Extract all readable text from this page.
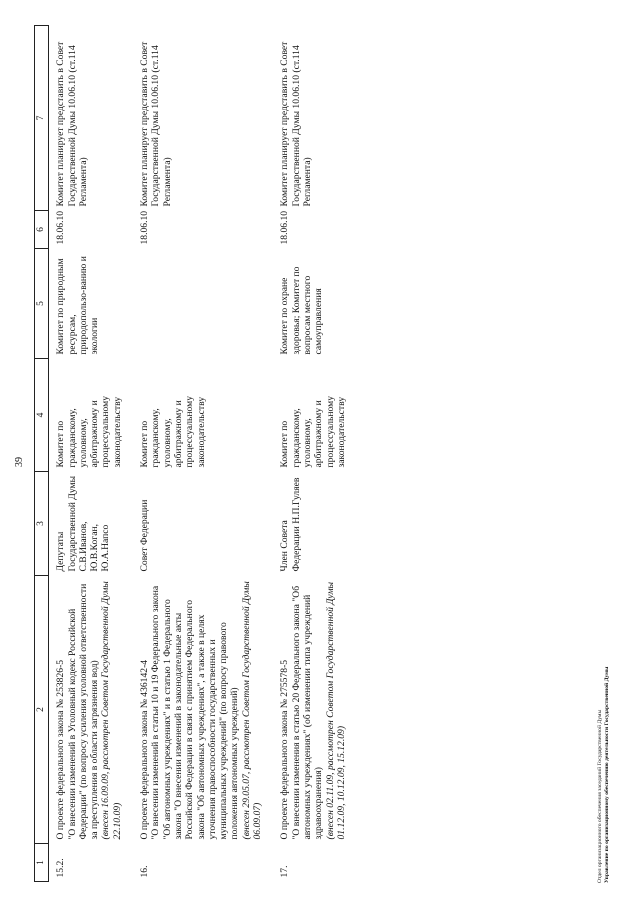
39
1	2	3	4	5	6	7
15.2.	О проекте федерального закона № 253826-5 "О внесении изменений в Уголовный кодекс Российской Федерации" (по вопросу усиления уголовной ответственности за преступления в области загрязнения вод) (внесен 16.09.09, рассмотрен Советом Государственной Думы 22.10.09)	Депутаты Государственной Думы С.В.Иванов, Ю.В.Коган, Ю.А.Напсо	Комитет по гражданскому, уголовному, арбитражному и процессуальному законодательству	Комитет по природным ресурсам, природопользо-ванию и экологии	18.06.10	Комитет планирует представить в Совет Государственной Думы 10.06.10 (ст.114 Регламента)
16.	О проекте федерального закона № 436142-4 "О внесении изменений в статьи 10 и 19 Федерального закона "Об автономных учреждениях" и в статью 1 Федерального закона "О внесении изменений в законодательные акты Российской Федерации в связи с принятием Федерального закона "Об автономных учреждениях", а также в целях уточнения правоспособности государственных и муниципальных учреждений" (по вопросу правового положения автономных учреждений) (внесен 29.05.07, рассмотрен Советом Государственной Думы 06.09.07)	Совет Федерации	Комитет по гражданскому, уголовному, арбитражному и процессуальному законодательству		18.06.10	Комитет планирует представить в Совет Государственной Думы 10.06.10 (ст.114 Регламента)
17.	О проекте федерального закона № 275578-5 "О внесении изменения в статью 20 Федерального закона "Об автономных учреждениях" (об изменении типа учреждений здравоохранения) (внесен 02.11.09, рассмотрен Советом Государственной Думы 01.12.09, 10.12.09, 15.12.09)	Член Совета Федерации Н.П.Гуляев	Комитет по гражданскому, уголовному, арбитражному и процессуальному законодательству	Комитет по охране здоровья; Комитет по вопросам местного самоуправления	18.06.10	Комитет планирует представить в Совет Государственной Думы 10.06.10 (ст.114 Регламента)
Отдел организационного обеспечения заседаний Государственной Думы Управление по организационному обеспечению деятельности Государственной Думы
